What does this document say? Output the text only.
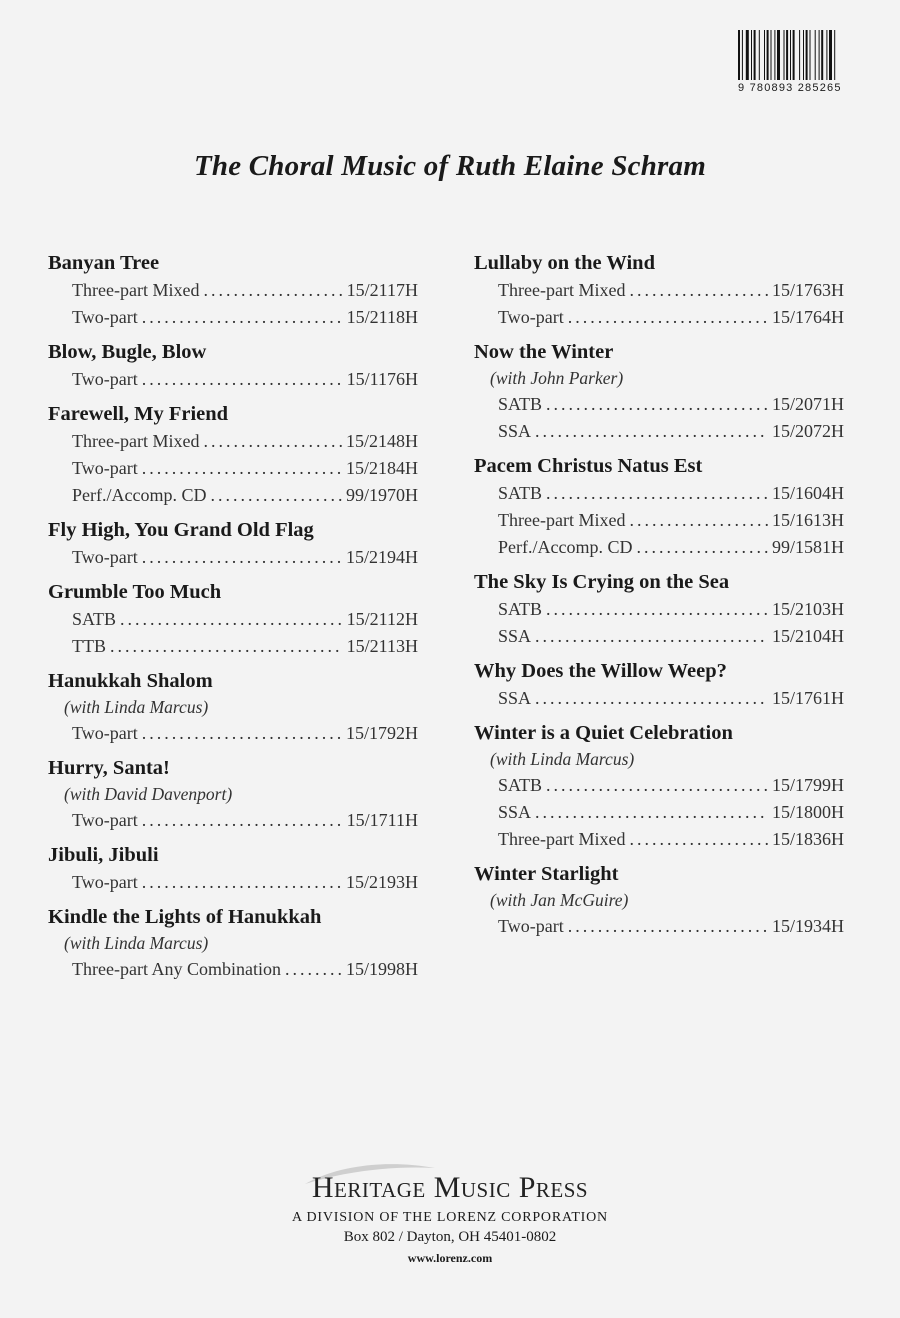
9 780893 285265
The Choral Music of Ruth Elaine Schram
Banyan Tree
Three-part Mixed .....	15/2117H
Two-part .....	15/2118H
Blow, Bugle, Blow
Two-part .....	15/1176H
Farewell, My Friend
Three-part Mixed .....	15/2148H
Two-part .....	15/2184H
Perf./Accomp. CD .....	99/1970H
Fly High, You Grand Old Flag
Two-part .....	15/2194H
Grumble Too Much
SATB .....	15/2112H
TTB .....	15/2113H
Hanukkah Shalom
(with Linda Marcus)
Two-part .....	15/1792H
Hurry, Santa!
(with David Davenport)
Two-part .....	15/1711H
Jibuli, Jibuli
Two-part .....	15/2193H
Kindle the Lights of Hanukkah
(with Linda Marcus)
Three-part Any Combination .....	15/1998H
Lullaby on the Wind
Three-part Mixed .....	15/1763H
Two-part .....	15/1764H
Now the Winter
(with John Parker)
SATB .....	15/2071H
SSA .....	15/2072H
Pacem Christus Natus Est
SATB .....	15/1604H
Three-part Mixed .....	15/1613H
Perf./Accomp. CD .....	99/1581H
The Sky Is Crying on the Sea
SATB .....	15/2103H
SSA .....	15/2104H
Why Does the Willow Weep?
SSA .....	15/1761H
Winter is a Quiet Celebration
(with Linda Marcus)
SATB .....	15/1799H
SSA .....	15/1800H
Three-part Mixed .....	15/1836H
Winter Starlight
(with Jan McGuire)
Two-part .....	15/1934H
Heritage Music Press
A DIVISION OF THE LORENZ CORPORATION
Box 802 / Dayton, OH 45401-0802
www.lorenz.com
